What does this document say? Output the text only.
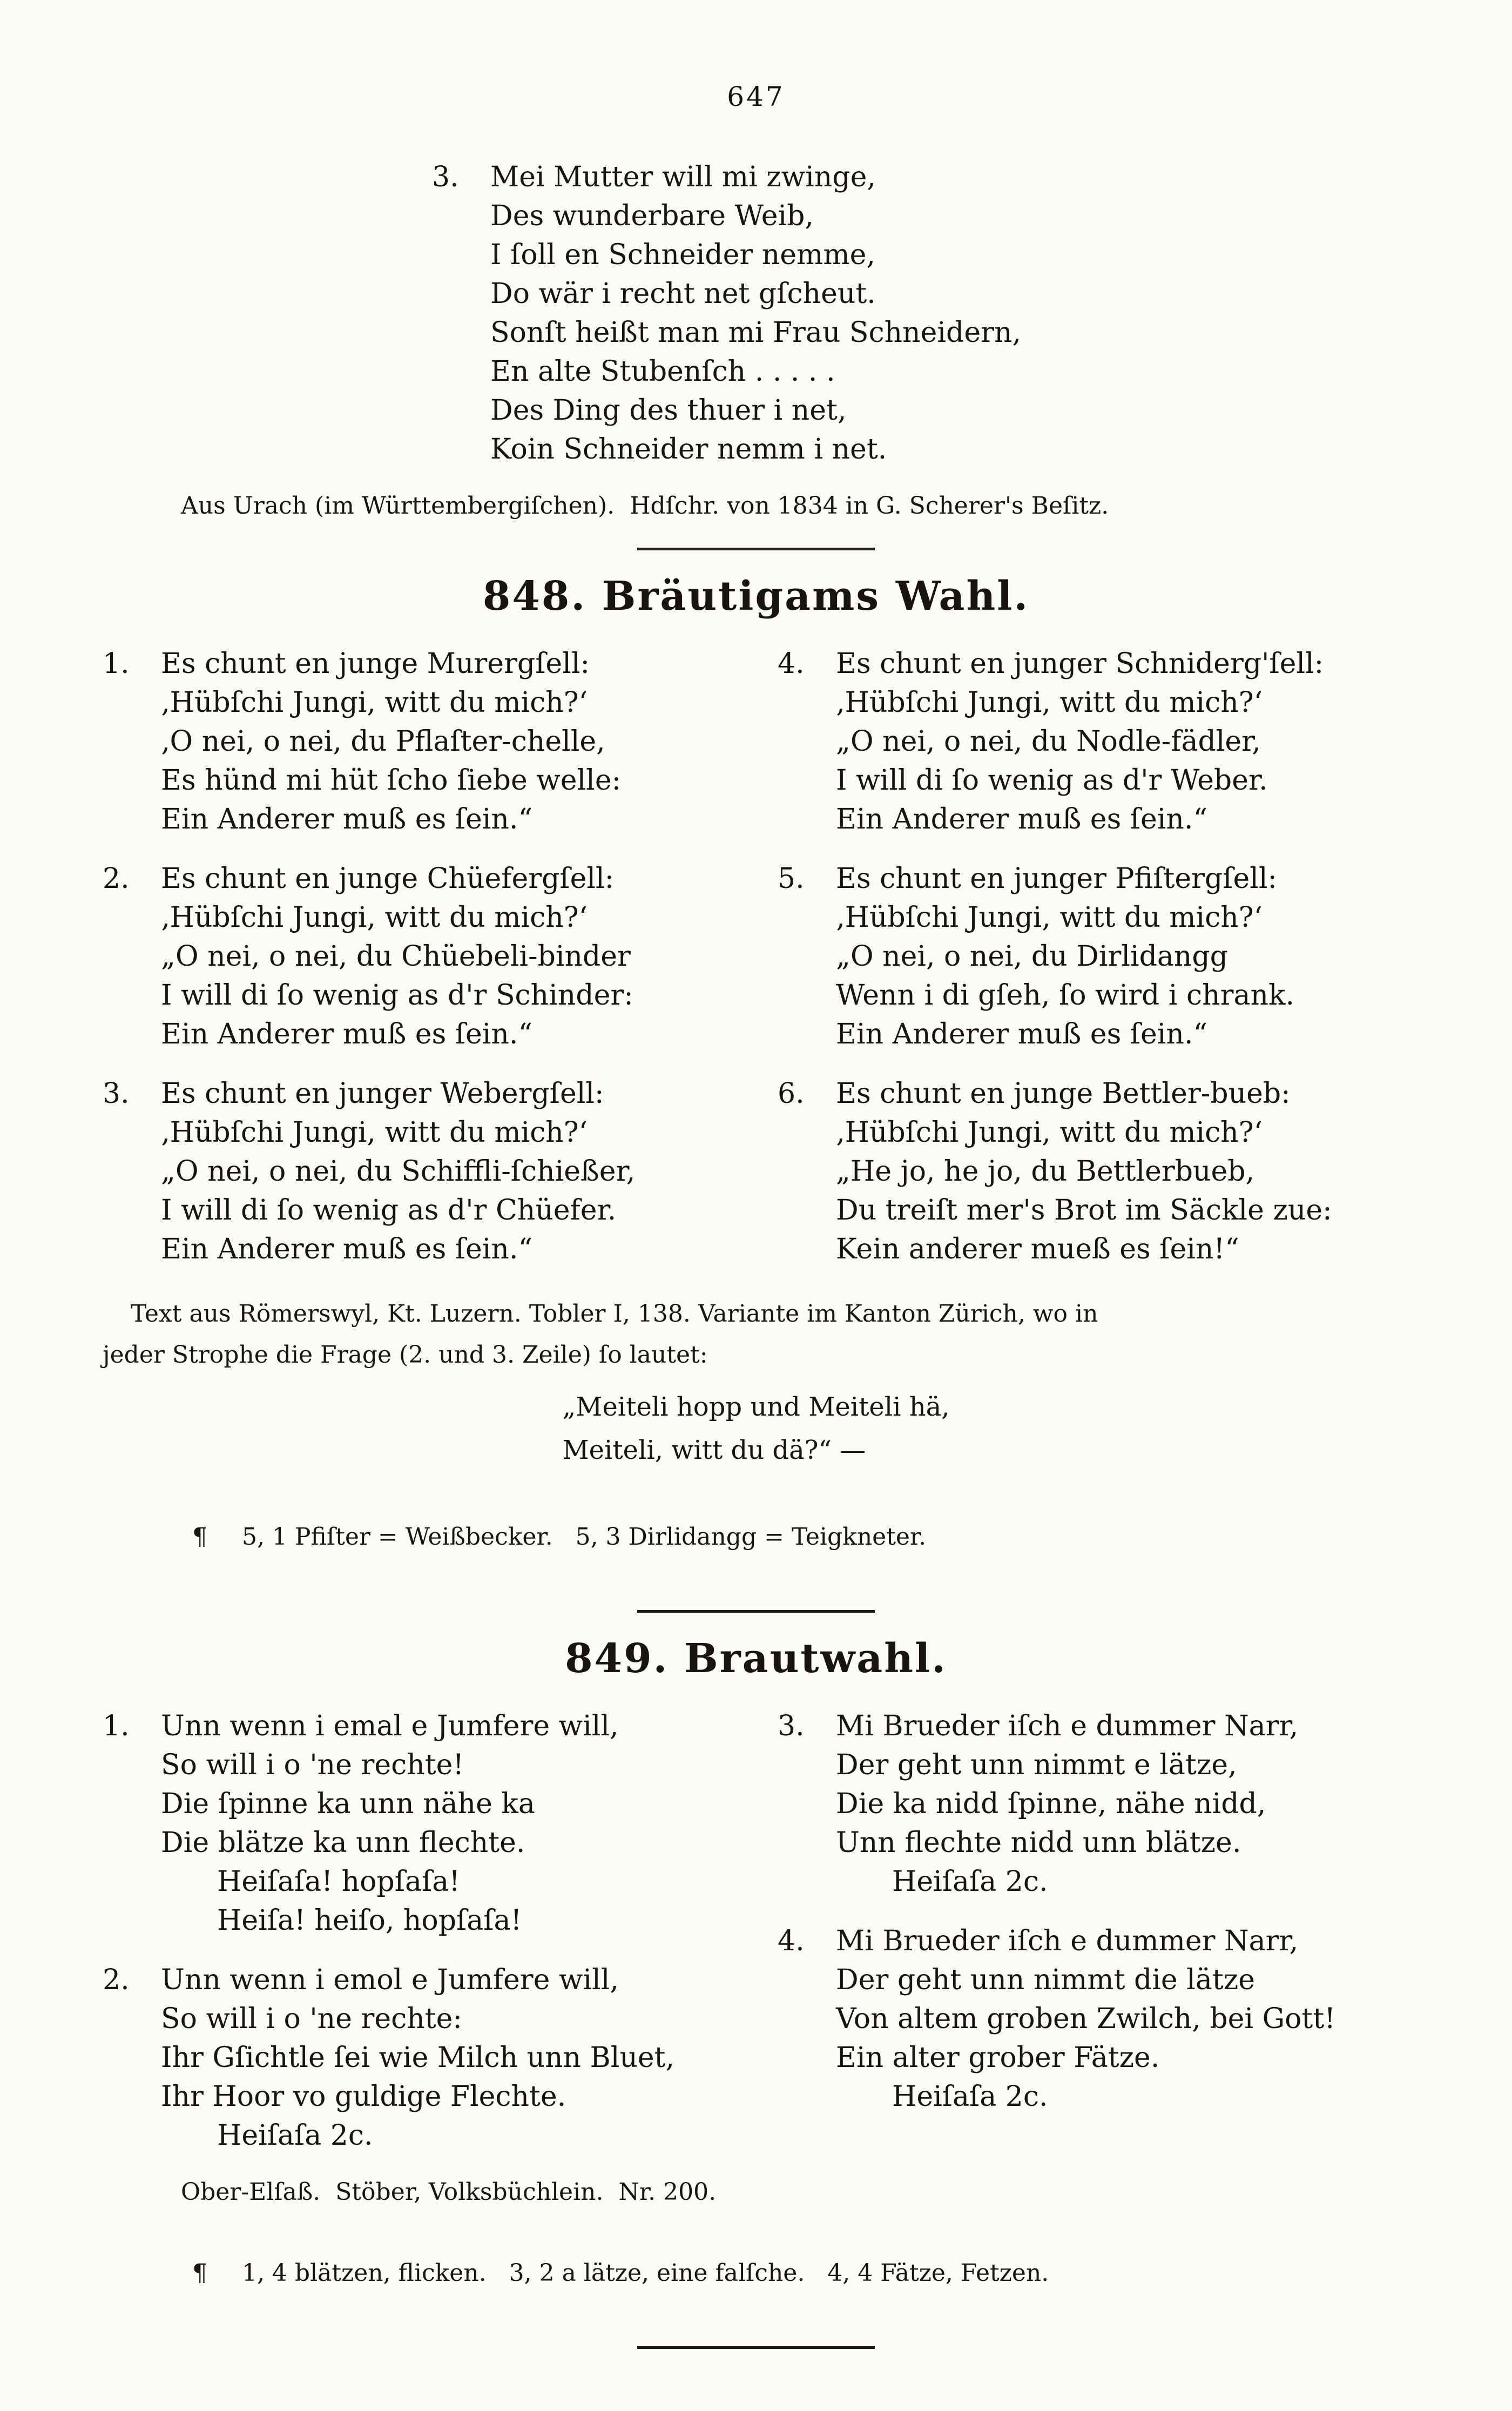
647
3.	Mei Mutter will mi zwinge,
Des wunderbare Weib,
I ſoll en Schneider nemme,
Do wär i recht net gſcheut.
Sonſt heißt man mi Frau Schneidern,
En alte Stubenſch . . . . .
Des Ding des thuer i net,
Koin Schneider nemm i net.
Aus Urach (im Württembergiſchen).  Hdſchr. von 1834 in G. Scherer's Beſitz.
848. Bräutigams Wahl.
1.	Es chunt en junge Murergſell:
‚Hübſchi Jungi, witt du mich?‘
‚O nei, o nei, du Pflaſter-chelle,
Es hünd mi hüt ſcho ſiebe welle:
Ein Anderer muß es ſein.“
2.	Es chunt en junge Chüefergſell:
‚Hübſchi Jungi, witt du mich?‘
„O nei, o nei, du Chüebeli-binder
I will di ſo wenig as d'r Schinder:
Ein Anderer muß es ſein.“
3.	Es chunt en junger Webergſell:
‚Hübſchi Jungi, witt du mich?‘
„O nei, o nei, du Schiffli-ſchießer,
I will di ſo wenig as d'r Chüefer.
Ein Anderer muß es ſein.“
4.	Es chunt en junger Schniderg'ſell:
‚Hübſchi Jungi, witt du mich?‘
„O nei, o nei, du Nodle-fädler,
I will di ſo wenig as d'r Weber.
Ein Anderer muß es ſein.“
5.	Es chunt en junger Pfiſtergſell:
‚Hübſchi Jungi, witt du mich?‘
„O nei, o nei, du Dirlidangg
Wenn i di gſeh, ſo wird i chrank.
Ein Anderer muß es ſein.“
6.	Es chunt en junge Bettler-bueb:
‚Hübſchi Jungi, witt du mich?‘
„He jo, he jo, du Bettlerbueb,
Du treiſt mer's Brot im Säckle zue:
Kein anderer mueß es ſein!“
Text aus Römerswyl, Kt. Luzern. Tobler I, 138. Variante im Kanton Zürich, wo in
jeder Strophe die Frage (2. und 3. Zeile) ſo lautet:
„Meiteli hopp und Meiteli hä,
Meiteli, witt du dä?“ —

¶ 5, 1 Pfiſter = Weißbecker.   5, 3 Dirlidangg = Teigkneter.

849. Brautwahl.
1.	Unn wenn i emal e Jumfere will,
So will i o 'ne rechte!
Die ſpinne ka unn nähe ka
Die blätze ka unn flechte.
Heiſaſa! hopſaſa!
Heiſa! heiſo, hopſaſa!
2.	Unn wenn i emol e Jumfere will,
So will i o 'ne rechte:
Ihr Gſichtle ſei wie Milch unn Bluet,
Ihr Hoor vo guldige Flechte.
Heiſaſa 2c.
3.	Mi Brueder iſch e dummer Narr,
Der geht unn nimmt e lätze,
Die ka nidd ſpinne, nähe nidd,
Unn flechte nidd unn blätze.
Heiſaſa 2c.
4.	Mi Brueder iſch e dummer Narr,
Der geht unn nimmt die lätze
Von altem groben Zwilch, bei Gott!
Ein alter grober Fätze.
Heiſaſa 2c.
Ober-Elſaß.  Stöber, Volksbüchlein.  Nr. 200.

¶ 1, 4 blätzen, flicken.   3, 2 a lätze, eine falſche.   4, 4 Fätze, Fetzen.
